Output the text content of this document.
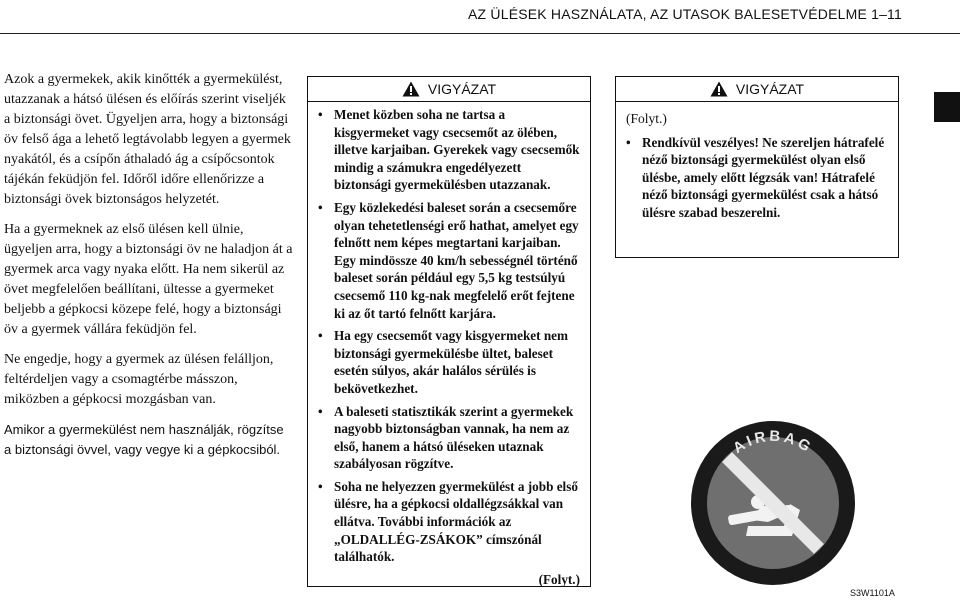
AZ ÜLÉSEK HASZNÁLATA, AZ UTASOK BALESETVÉDELME 1–11

Azok a gyermekek, akik kinőtték a gyermekülést, utazzanak a hátsó ülésen és előírás szerint viseljék a biztonsági övet. Ügyeljen arra, hogy a biztonsági öv felső ága a lehető legtávolabb legyen a gyermek nyakától, és a csípőn áthaladó ág a csípőcsontok tájékán feküdjön fel. Időről időre ellenőrizze a biztonsági övek biztonságos helyzetét.

Ha a gyermeknek az első ülésen kell ülnie, ügyeljen arra, hogy a biztonsági öv ne haladjon át a gyermek arca vagy nyaka előtt. Ha nem sikerül az övet megfelelően beállítani, ültesse a gyermeket beljebb a gépkocsi közepe felé, hogy a biztonsági öv a gyermek vállára feküdjön fel.

Ne engedje, hogy a gyermek az ülésen felálljon, feltérdeljen vagy a csomagtérbe másszon, miközben a gépkocsi mozgásban van.

Amikor a gyermekülést nem használják, rögzítse a biztonsági övvel, vagy vegye ki a gépkocsiból.

VIGYÁZAT
• Menet közben soha ne tartsa a kisgyermeket vagy csecsemőt az ölében, illetve karjaiban. Gyerekek vagy csecsemők mindig a számukra engedélyezett biztonsági gyermekülésben utazzanak.
• Egy közlekedési baleset során a csecsemőre olyan tehetetlenségi erő hathat, amelyet egy felnőtt nem képes megtartani karjaiban. Egy mindössze 40 km/h sebességnél történő baleset során például egy 5,5 kg testsúlyú csecsemő 110 kg-nak megfelelő erőt fejtene ki az őt tartó felnőtt karjára.
• Ha egy csecsemőt vagy kisgyermeket nem biztonsági gyermekülésbe ültet, baleset esetén súlyos, akár halálos sérülés is bekövetkezhet.
• A baleseti statisztikák szerint a gyermekek nagyobb biztonságban vannak, ha nem az első, hanem a hátsó üléseken utaznak szabályosan rögzítve.
• Soha ne helyezzen gyermekülést a jobb első ülésre, ha a gépkocsi oldallégzsákkal van ellátva. További információk az „OLDALLÉG-ZSÁKOK” címszónál találhatók.
(Folyt.)
VIGYÁZAT
(Folyt.)
• Rendkívül veszélyes! Ne szereljen hátrafelé néző biztonsági gyermekülést olyan első ülésbe, amely előtt légzsák van! Hátrafelé néző biztonsági gyermekülést csak a hátsó ülésre szabad beszerelni.
AIRBAG
S3W1101A
